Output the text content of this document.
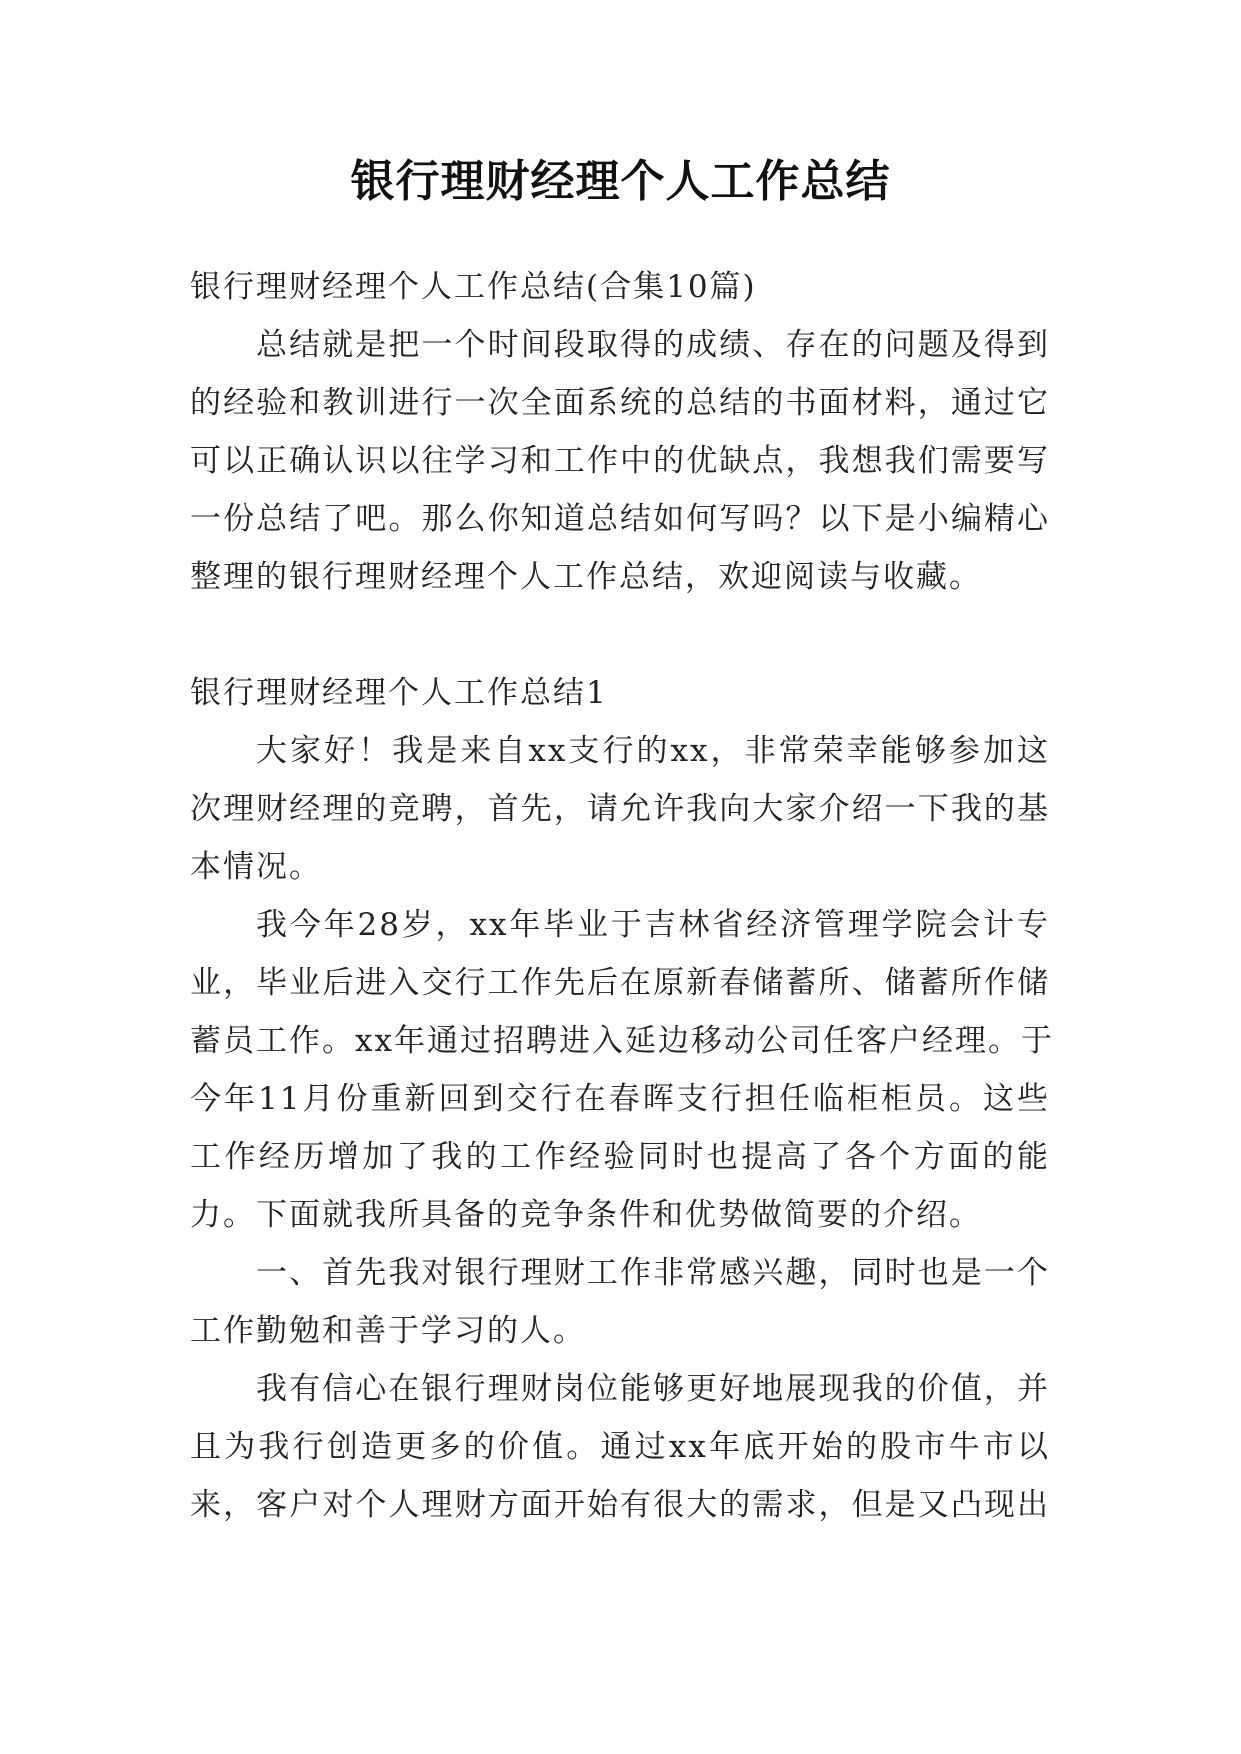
银行理财经理个人工作总结
银行理财经理个人工作总结(合集10篇)
总结就是把一个时间段取得的成绩、存在的问题及得到
的经验和教训进行一次全面系统的总结的书面材料，通过它
可以正确认识以往学习和工作中的优缺点，我想我们需要写
一份总结了吧。那么你知道总结如何写吗？以下是小编精心
整理的银行理财经理个人工作总结，欢迎阅读与收藏。
银行理财经理个人工作总结1
大家好！我是来自xx支行的xx，非常荣幸能够参加这
次理财经理的竞聘，首先，请允许我向大家介绍一下我的基
本情况。
我今年28岁，xx年毕业于吉林省经济管理学院会计专
业，毕业后进入交行工作先后在原新春储蓄所、储蓄所作储
蓄员工作。xx年通过招聘进入延边移动公司任客户经理。于
今年11月份重新回到交行在春晖支行担任临柜柜员。这些
工作经历增加了我的工作经验同时也提高了各个方面的能
力。下面就我所具备的竞争条件和优势做简要的介绍。
一、首先我对银行理财工作非常感兴趣，同时也是一个
工作勤勉和善于学习的人。
我有信心在银行理财岗位能够更好地展现我的价值，并
且为我行创造更多的价值。通过xx年底开始的股市牛市以
来，客户对个人理财方面开始有很大的需求，但是又凸现出
